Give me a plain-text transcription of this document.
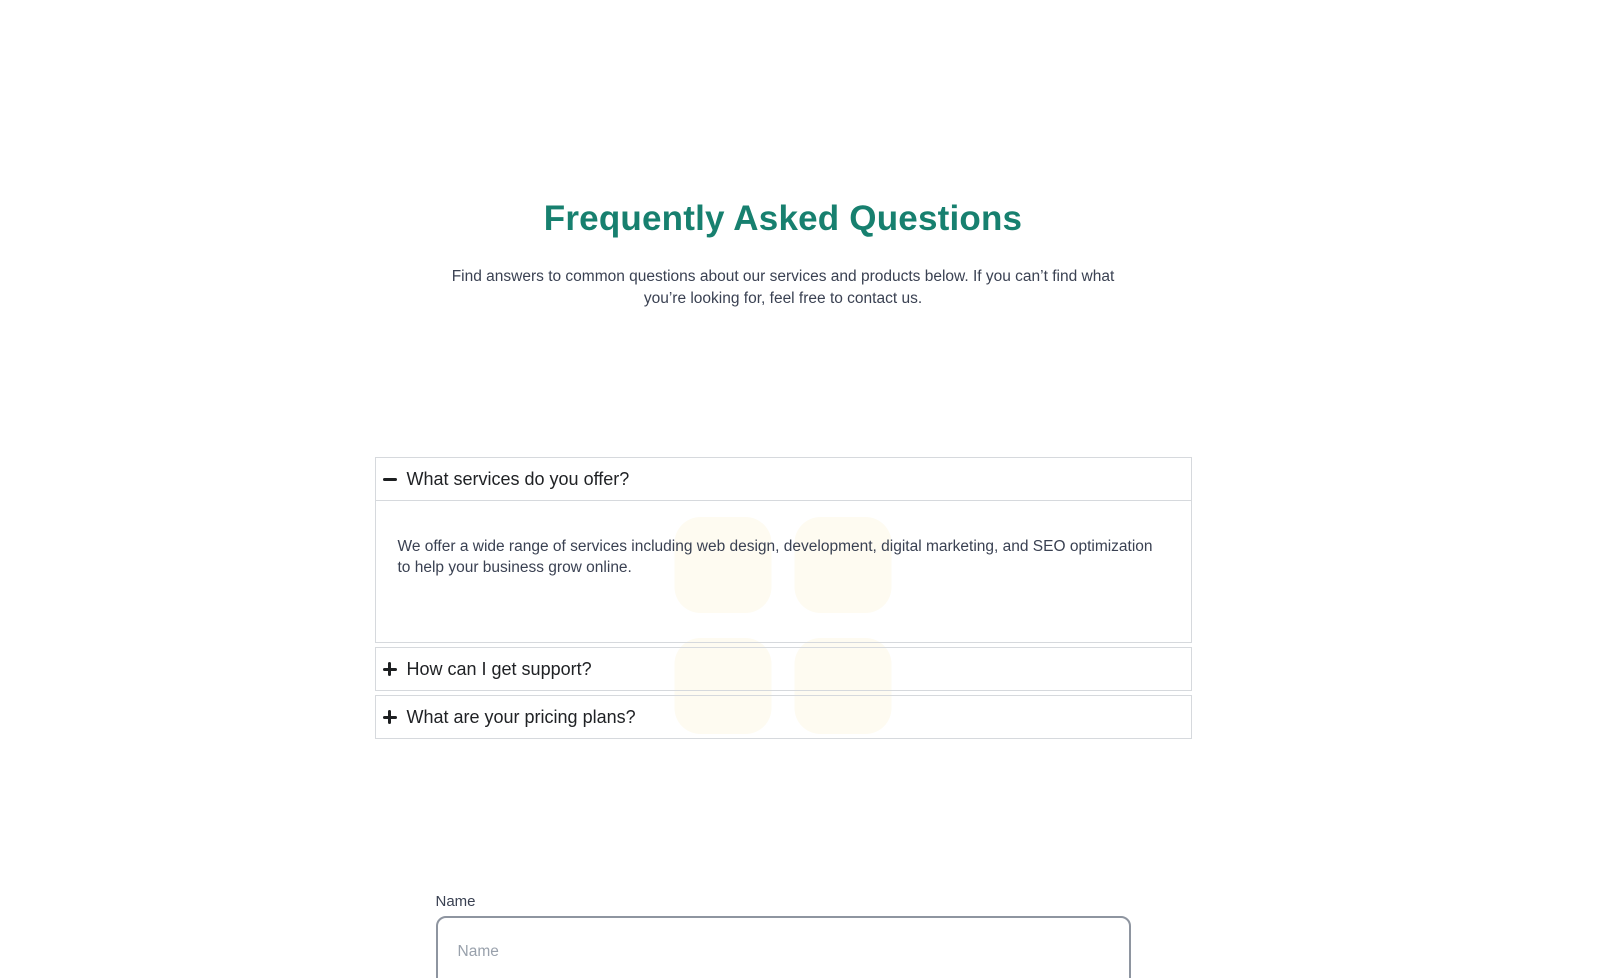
Frequently Asked Questions

Find answers to common questions about our services and products below. If you can’t find what you’re looking for, feel free to contact us.

What services do you offer?

We offer a wide range of services including web design, development, digital marketing, and SEO optimization to help your business grow online.

How can I get support?
What are your pricing plans?
Name
Name
